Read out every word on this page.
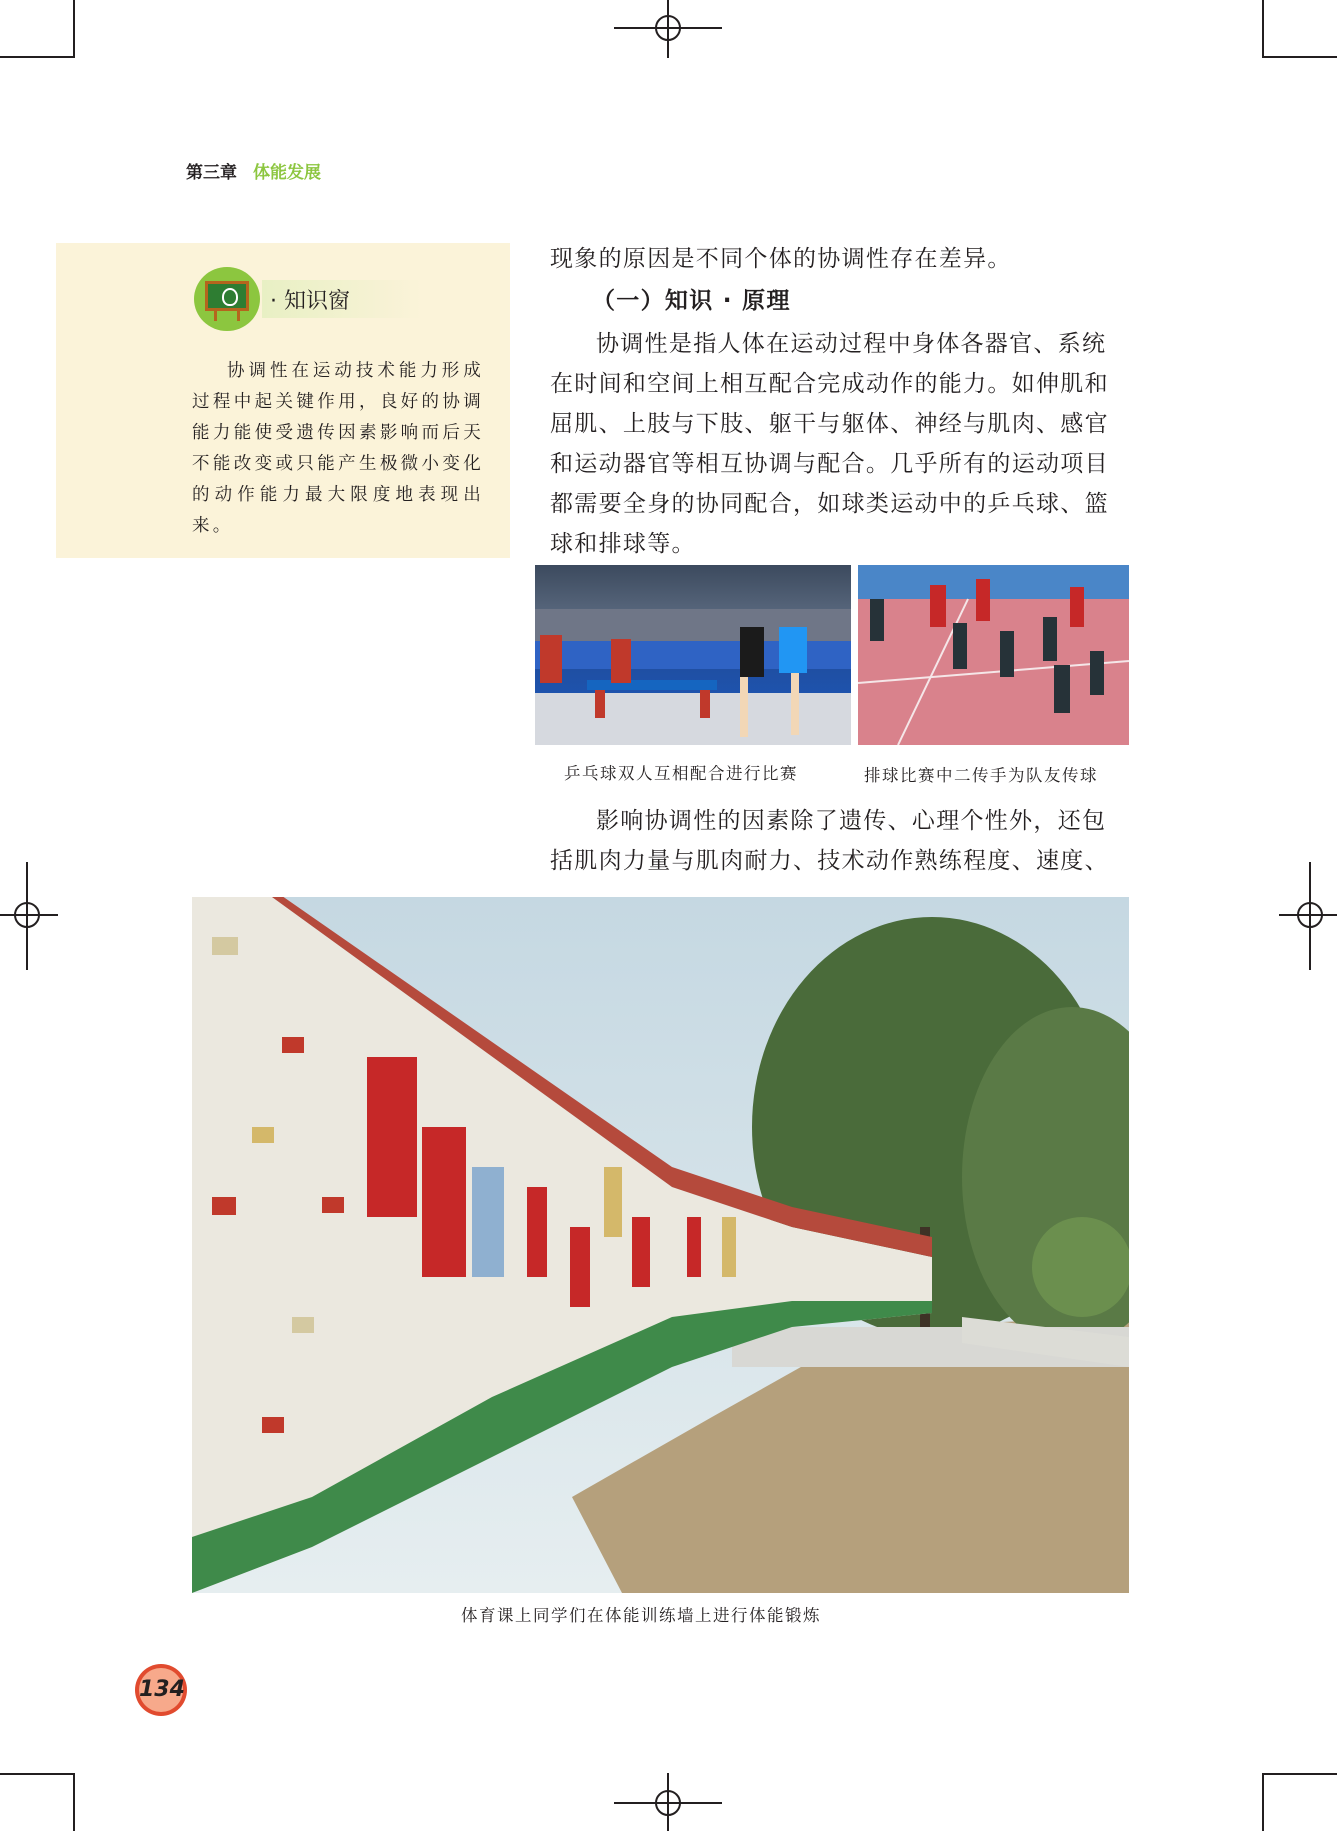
第三章 体能发展
· 知识窗
协调性在运动技术能力形成过程中起关键作用，良好的协调能力能使受遗传因素影响而后天不能改变或只能产生极微小变化的动作能力最大限度地表现出来。
现象的原因是不同个体的协调性存在差异。
（一）知识 · 原理
协调性是指人体在运动过程中身体各器官、系统
在时间和空间上相互配合完成动作的能力。如伸肌和
屈肌、上肢与下肢、躯干与躯体、神经与肌肉、感官
和运动器官等相互协调与配合。几乎所有的运动项目
都需要全身的协同配合，如球类运动中的乒乓球、篮
球和排球等。
乒乓球双人互相配合进行比赛	排球比赛中二传手为队友传球
影响协调性的因素除了遗传、心理个性外，还包
括肌肉力量与肌肉耐力、技术动作熟练程度、速度、
体育课上同学们在体能训练墙上进行体能锻炼
134
